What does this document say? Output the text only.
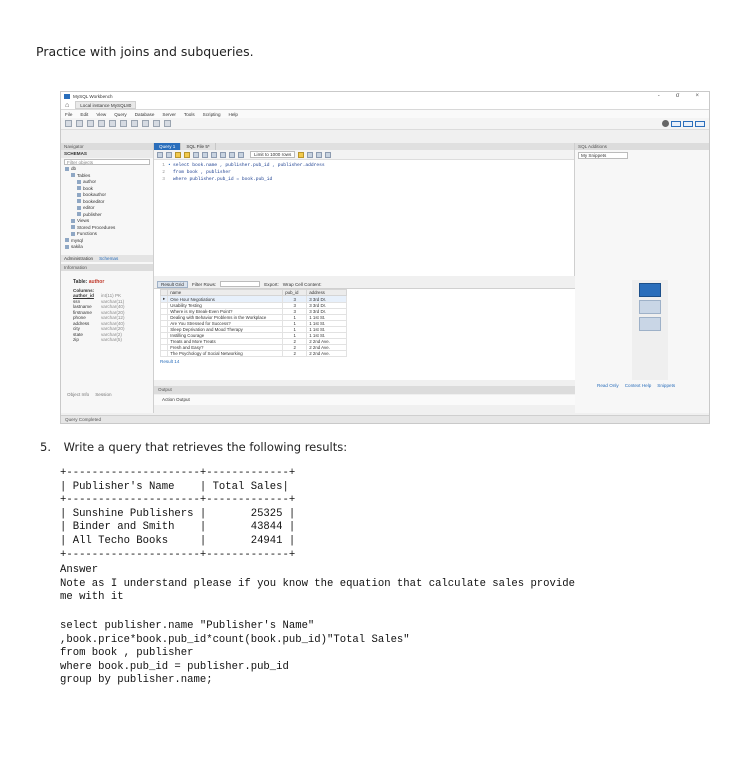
Practice with joins and subqueries.
MySQL Workbench	-	σ	×
⌂	Local instance MySQL80
File Edit View Query Database Server Tools Scripting Help
Navigator
SCHEMAS
Filter objects
db
Tables
author
book
bookauthor
bookeditor
editor
publisher
Views
Stored Procedures
Functions
mysql
sakila
Administration Schemas
Information
Table: author
Columns:
author_id	int(11) PK
ssn	varchar(11)
lastname	varchar(40)
firstname	varchar(20)
phone	varchar(12)
address	varchar(40)
city	varchar(20)
state	varchar(2)
zip	varchar(5)
Object Info Session
Query 1	SQL File 5*
Limit to 1000 rows
1 • select book.name , publisher.pub_id , publisher.address
2	from book , publisher
3	where publisher.pub_id = book.pub_id
SQL Additions
My Snippets
Result Grid	Filter Rows:	Export: Wrap Cell Content:
	name	pub_id	address
▸	One Hour Negotiations	3	3 3rd Dr.
	Usability Testing	3	3 3rd Dr.
	Where is my Break-Even Point?	3	3 3rd Dr.
	Dealing with Behavior Problems in the Workplace	1	1 1st St.
	Are You Stressed for Success?	1	1 1st St.
	Sleep Deprivation and Mood Therapy	1	1 1st St.
	Instilling Courage	1	1 1st St.
	Treats and More Treats	2	2 2nd Ave.
	Fresh and Easy?	2	2 2nd Ave.
	The Psychology of Social Networking	2	2 2nd Ave.
Result 14
Read Only Context Help Snippets
Output
Action Output
Query Completed
5. Write a query that retrieves the following results:
+---------------------+-------------+
| Publisher's Name    | Total Sales|
+---------------------+-------------+
| Sunshine Publishers |       25325 |
| Binder and Smith    |       43844 |
| All Techo Books     |       24941 |
+---------------------+-------------+
Answer
Note as I understand please if you know the equation that calculate sales provide
me with it
select publisher.name "Publisher's Name"
,book.price*book.pub_id*count(book.pub_id)"Total Sales"
from book , publisher
where book.pub_id = publisher.pub_id
group by publisher.name;
